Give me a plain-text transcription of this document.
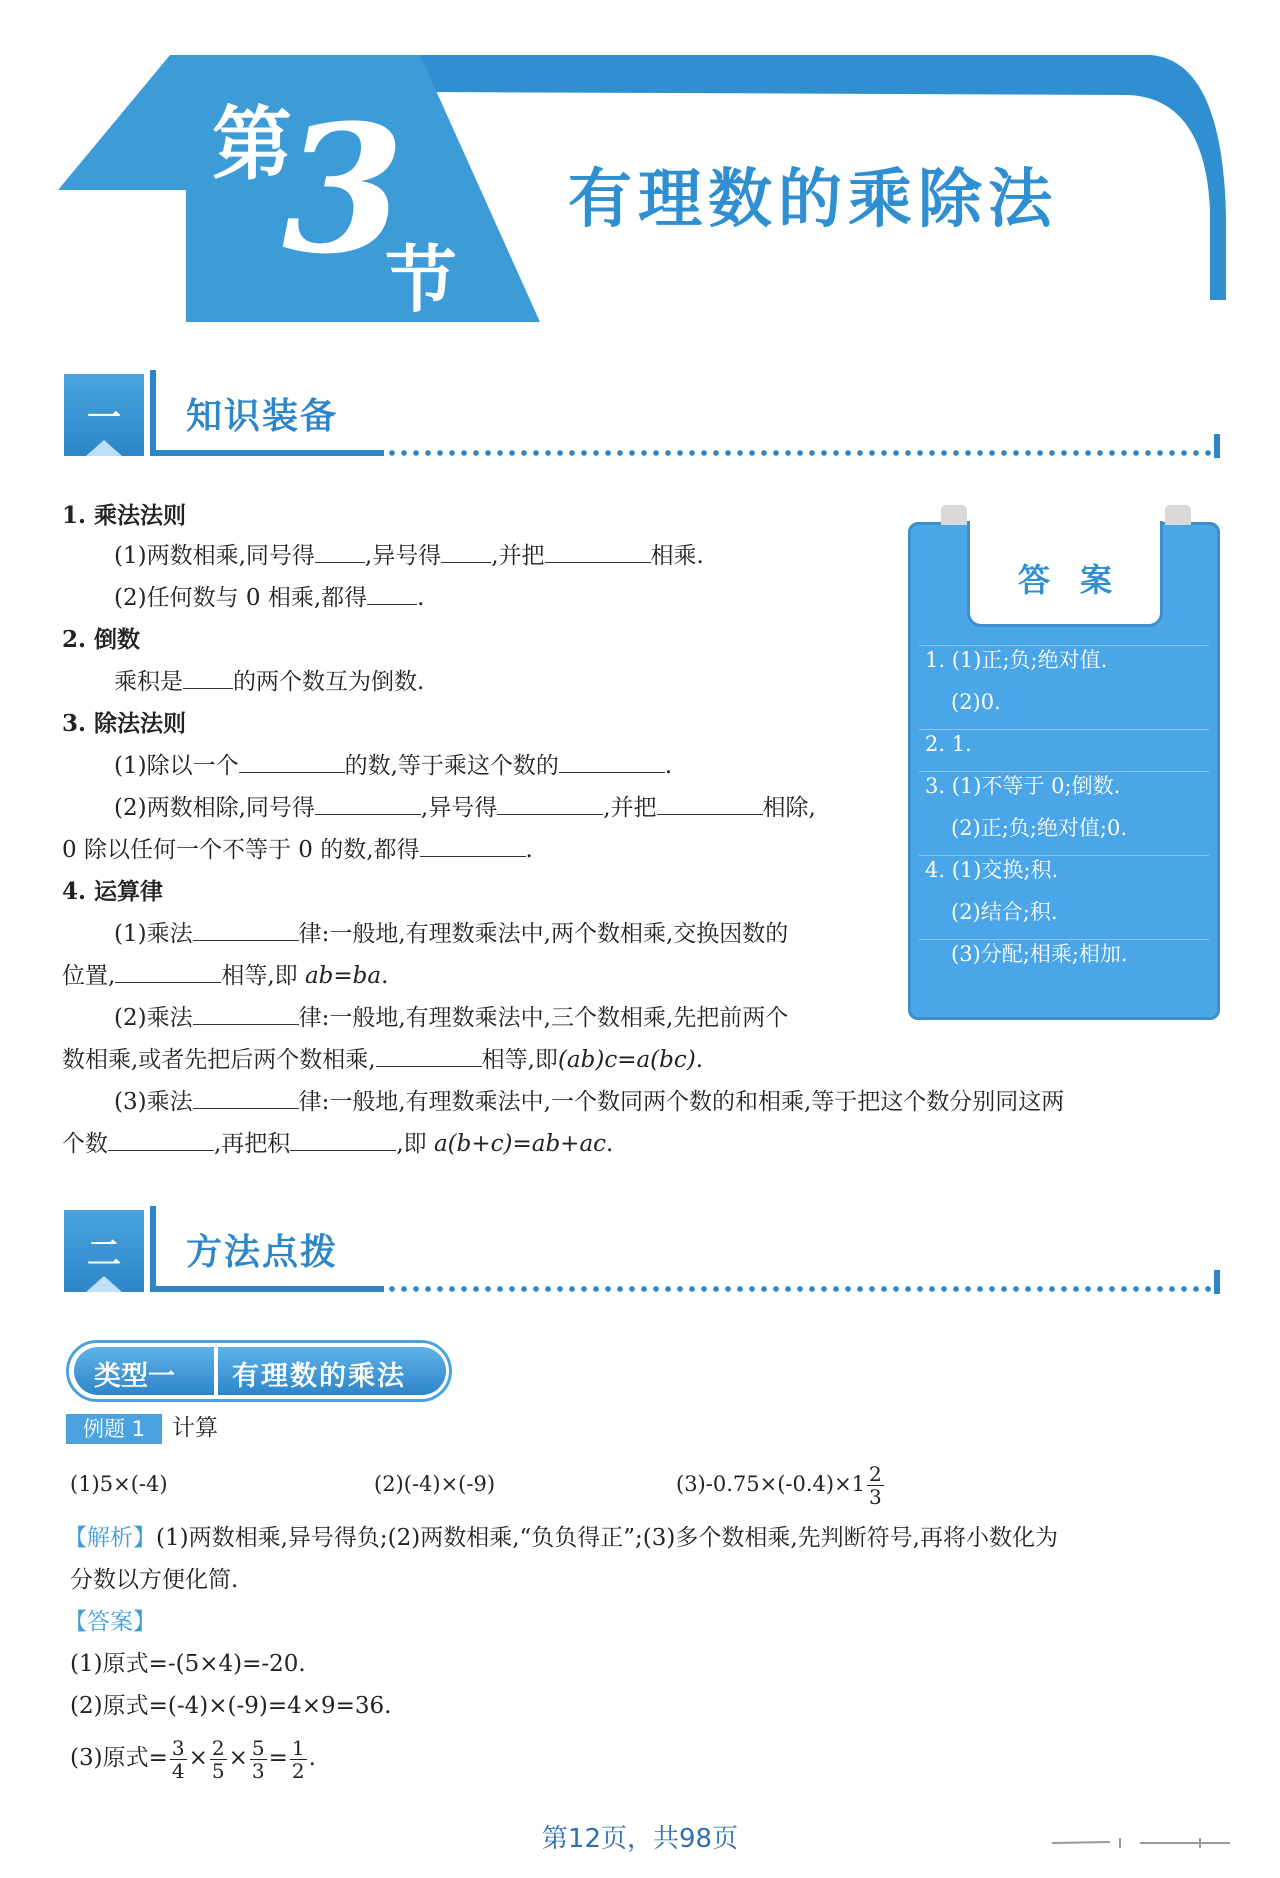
第
3
节
有理数的乘除法
一	知识装备
1. 乘法法则
(1)两数相乘,同号得 ,异号得 ,并把	相乘.
(2)任何数与 0 相乘,都得 .
2. 倒数
乘积是 的两个数互为倒数.
3. 除法法则
(1)除以一个	的数,等于乘这个数的	.
(2)两数相除,同号得	,异号得	,并把	相除,
0 除以任何一个不等于 0 的数,都得	.
4. 运算律
(1)乘法	律:一般地,有理数乘法中,两个数相乘,交换因数的
位置,	相等,即 ab=ba.
(2)乘法	律:一般地,有理数乘法中,三个数相乘,先把前两个
数相乘,或者先把后两个数相乘,	相等,即(ab)c=a(bc).
(3)乘法	律:一般地,有理数乘法中,一个数同两个数的和相乘,等于把这个数分别同这两
个数	,再把积	,即 a(b+c)=ab+ac.
答案
1. (1)正;负;绝对值.
(2)0.
2. 1.
3. (1)不等于 0;倒数.
(2)正;负;绝对值;0.
4. (1)交换;积.
(2)结合;积.
(3)分配;相乘;相加.
二	方法点拨
类型一 有理数的乘法
例题 1	计算
(1)5×(-4)	(2)(-4)×(-9)	$(3)-0.75\times(-0.4)\times 1 \frac{2}{3}$
【解析】(1)两数相乘,异号得负;(2)两数相乘,“负负得正”;(3)多个数相乘,先判断符号,再将小数化为
分数以方便化简.
【答案】
(1)原式=-(5×4)=-20.
(2)原式=(-4)×(-9)=4×9=36.
(3)原式= $\frac{3}{4} \times \frac{2}{5} \times \frac{5}{3} = \frac{1}{2}$ .
第12页，共98页
